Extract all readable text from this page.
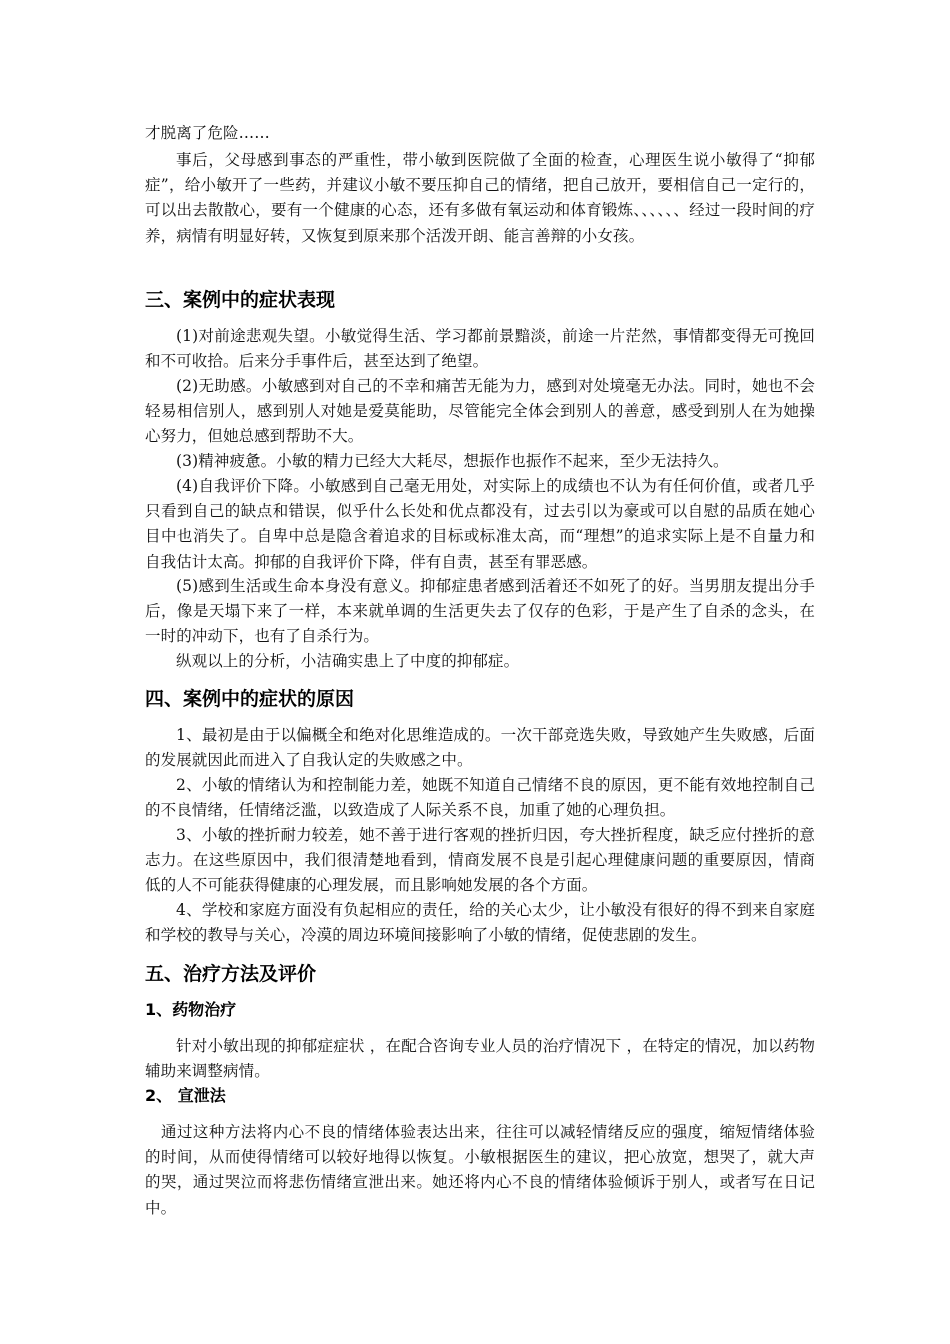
才脱离了危险……

事后，父母感到事态的严重性，带小敏到医院做了全面的检查，心理医生说小敏得了“抑郁症”，给小敏开了一些药，并建议小敏不要压抑自己的情绪，把自己放开，要相信自己一定行的，可以出去散散心，要有一个健康的心态，还有多做有氧运动和体育锻炼、、、、、、经过一段时间的疗养，病情有明显好转，又恢复到原来那个活泼开朗、能言善辩的小女孩。

三、案例中的症状表现

(1)对前途悲观失望。小敏觉得生活、学习都前景黯淡，前途一片茫然，事情都变得无可挽回和不可收拾。后来分手事件后，甚至达到了绝望。

(2)无助感。小敏感到对自己的不幸和痛苦无能为力，感到对处境毫无办法。同时，她也不会轻易相信别人，感到别人对她是爱莫能助，尽管能完全体会到别人的善意，感受到别人在为她操心努力，但她总感到帮助不大。

(3)精神疲惫。小敏的精力已经大大耗尽，想振作也振作不起来，至少无法持久。

(4)自我评价下降。小敏感到自己毫无用处，对实际上的成绩也不认为有任何价值，或者几乎只看到自己的缺点和错误，似乎什么长处和优点都没有，过去引以为豪或可以自慰的品质在她心目中也消失了。自卑中总是隐含着追求的目标或标准太高，而“理想”的追求实际上是不自量力和自我估计太高。抑郁的自我评价下降，伴有自责，甚至有罪恶感。

(5)感到生活或生命本身没有意义。抑郁症患者感到活着还不如死了的好。当男朋友提出分手后，像是天塌下来了一样，本来就单调的生活更失去了仅存的色彩，于是产生了自杀的念头，在一时的冲动下，也有了自杀行为。

纵观以上的分析，小洁确实患上了中度的抑郁症。

四、案例中的症状的原因

1、最初是由于以偏概全和绝对化思维造成的。一次干部竞选失败，导致她产生失败感，后面的发展就因此而进入了自我认定的失败感之中。

2、小敏的情绪认为和控制能力差，她既不知道自己情绪不良的原因，更不能有效地控制自己的不良情绪，任情绪泛滥，以致造成了人际关系不良，加重了她的心理负担。

3、小敏的挫折耐力较差，她不善于进行客观的挫折归因，夸大挫折程度，缺乏应付挫折的意志力。在这些原因中，我们很清楚地看到，情商发展不良是引起心理健康问题的重要原因，情商低的人不可能获得健康的心理发展，而且影响她发展的各个方面。

4、学校和家庭方面没有负起相应的责任，给的关心太少，让小敏没有很好的得不到来自家庭和学校的教导与关心，冷漠的周边环境间接影响了小敏的情绪，促使悲剧的发生。

五、治疗方法及评价
1、药物治疗

针对小敏出现的抑郁症症状 ，在配合咨询专业人员的治疗情况下 ，在特定的情况，加以药物辅助来调整病情。

2、 宣泄法

通过这种方法将内心不良的情绪体验表达出来，往往可以减轻情绪反应的强度，缩短情绪体验的时间，从而使得情绪可以较好地得以恢复。小敏根据医生的建议，把心放宽，想哭了，就大声的哭，通过哭泣而将悲伤情绪宣泄出来。她还将内心不良的情绪体验倾诉于别人，或者写在日记中。
